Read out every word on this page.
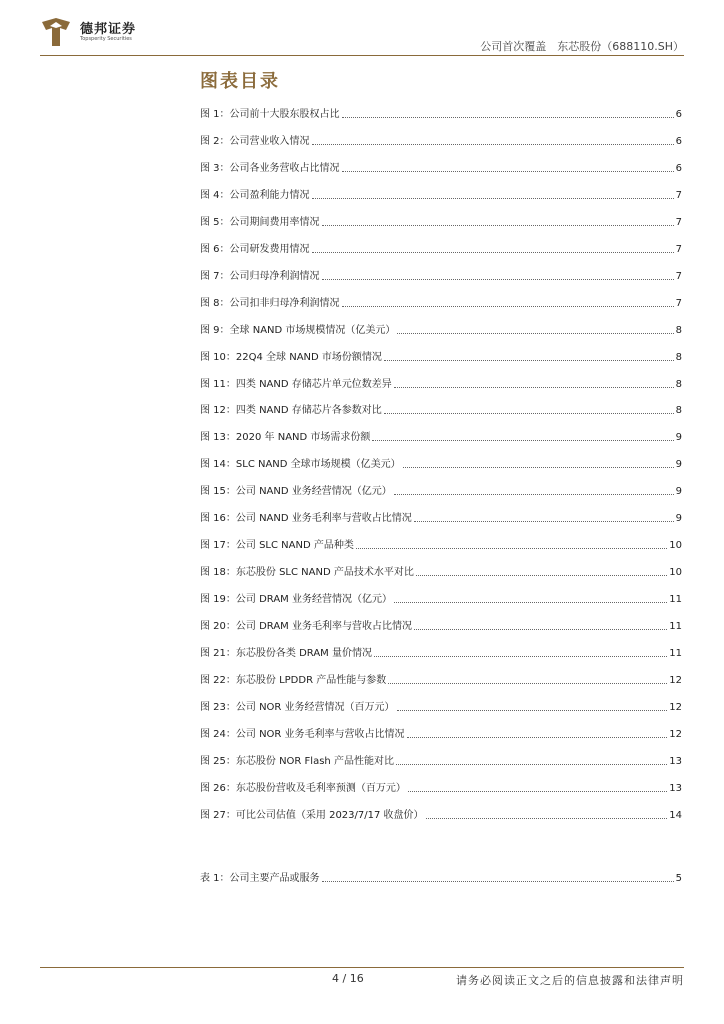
德邦证券
Topsperity Securities
公司首次覆盖　东芯股份（688110.SH）
图表目录
图 1：公司前十大股东股权占比	6
图 2：公司营业收入情况	6
图 3：公司各业务营收占比情况	6
图 4：公司盈利能力情况	7
图 5：公司期间费用率情况	7
图 6：公司研发费用情况	7
图 7：公司归母净利润情况	7
图 8：公司扣非归母净利润情况	7
图 9：全球 NAND 市场规模情况（亿美元）	8
图 10：22Q4 全球 NAND 市场份额情况	8
图 11：四类 NAND 存储芯片单元位数差异	8
图 12：四类 NAND 存储芯片各参数对比	8
图 13：2020 年 NAND 市场需求份额	9
图 14：SLC NAND 全球市场规模（亿美元）	9
图 15：公司 NAND 业务经营情况（亿元）	9
图 16：公司 NAND 业务毛利率与营收占比情况	9
图 17：公司 SLC NAND 产品种类	10
图 18：东芯股份 SLC NAND 产品技术水平对比	10
图 19：公司 DRAM 业务经营情况（亿元）	11
图 20：公司 DRAM 业务毛利率与营收占比情况	11
图 21：东芯股份各类 DRAM 量价情况	11
图 22：东芯股份 LPDDR 产品性能与参数	12
图 23：公司 NOR 业务经营情况（百万元）	12
图 24：公司 NOR 业务毛利率与营收占比情况	12
图 25：东芯股份 NOR Flash 产品性能对比	13
图 26：东芯股份营收及毛利率预测（百万元）	13
图 27：可比公司估值（采用 2023/7/17 收盘价）	14
表 1：公司主要产品或服务	5
4 / 16	请务必阅读正文之后的信息披露和法律声明
